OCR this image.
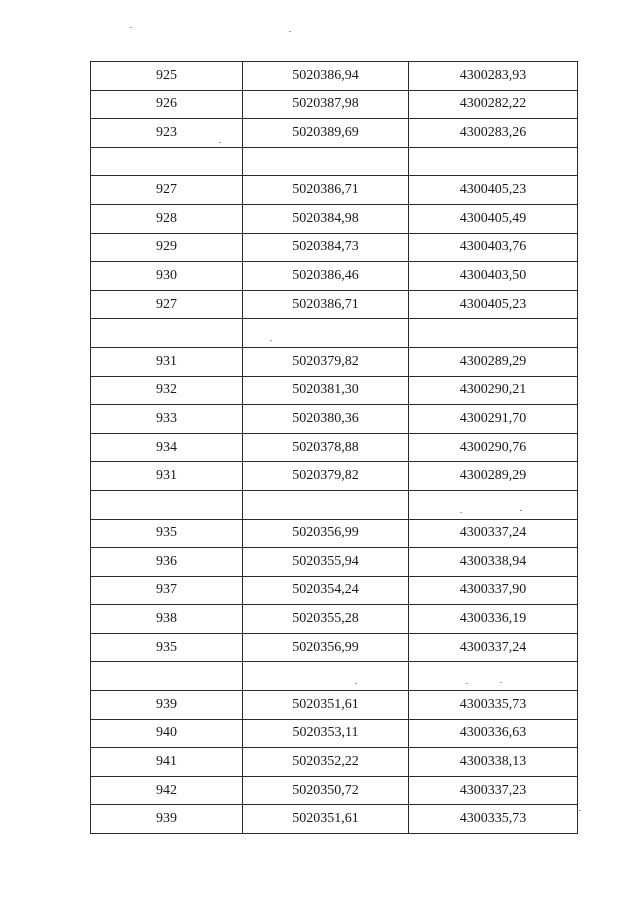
925	5020386,94	4300283,93
926	5020387,98	4300282,22
923	5020389,69	4300283,26

927	5020386,71	4300405,23
928	5020384,98	4300405,49
929	5020384,73	4300403,76
930	5020386,46	4300403,50
927	5020386,71	4300405,23

931	5020379,82	4300289,29
932	5020381,30	4300290,21
933	5020380,36	4300291,70
934	5020378,88	4300290,76
931	5020379,82	4300289,29

935	5020356,99	4300337,24
936	5020355,94	4300338,94
937	5020354,24	4300337,90
938	5020355,28	4300336,19
935	5020356,99	4300337,24

939	5020351,61	4300335,73
940	5020353,11	4300336,63
941	5020352,22	4300338,13
942	5020350,72	4300337,23
939	5020351,61	4300335,73
